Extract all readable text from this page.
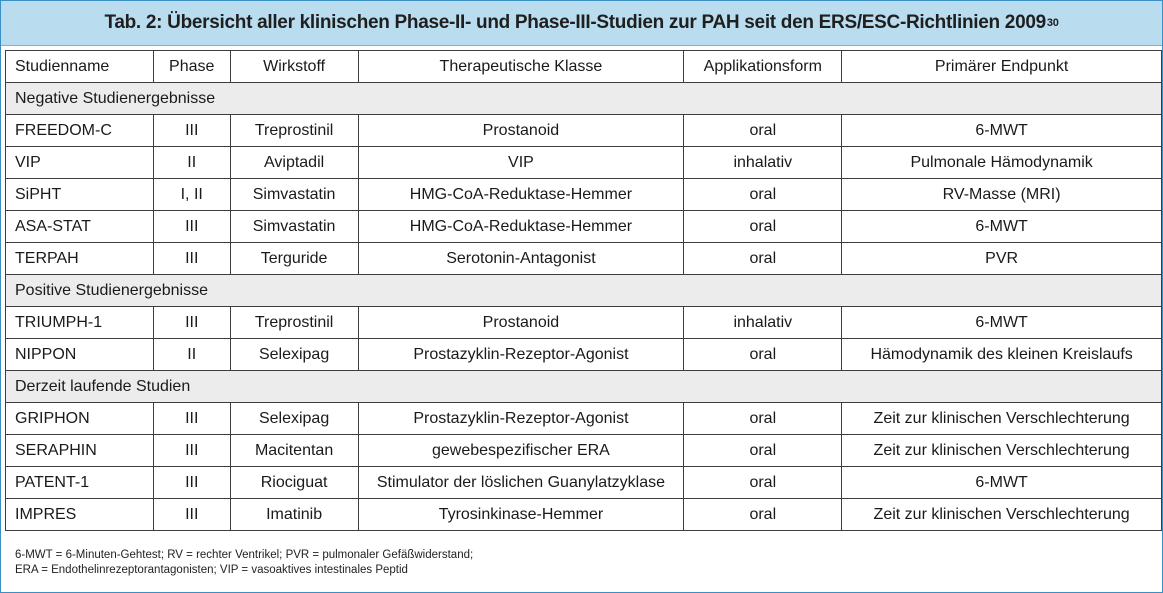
Tab. 2: Übersicht aller klinischen Phase-II- und Phase-III-Studien zur PAH seit den ERS/ESC-Richtlinien 2009 30
Studienname	Phase	Wirkstoff	Therapeutische Klasse	Applikationsform	Primärer Endpunkt
Negative Studienergebnisse					
FREEDOM-C	III	Treprostinil	Prostanoid	oral	6-MWT
VIP	II	Aviptadil	VIP	inhalativ	Pulmonale Hämodynamik
SiPHT	I, II	Simvastatin	HMG-CoA-Reduktase-Hemmer	oral	RV-Masse (MRI)
ASA-STAT	III	Simvastatin	HMG-CoA-Reduktase-Hemmer	oral	6-MWT
TERPAH	III	Terguride	Serotonin-Antagonist	oral	PVR
Positive Studienergebnisse					
TRIUMPH-1	III	Treprostinil	Prostanoid	inhalativ	6-MWT
NIPPON	II	Selexipag	Prostazyklin-Rezeptor-Agonist	oral	Hämodynamik des kleinen Kreislaufs
Derzeit laufende Studien					
GRIPHON	III	Selexipag	Prostazyklin-Rezeptor-Agonist	oral	Zeit zur klinischen Verschlechterung
SERAPHIN	III	Macitentan	gewebespezifischer ERA	oral	Zeit zur klinischen Verschlechterung
PATENT-1	III	Riociguat	Stimulator der löslichen Guanylatzyklase	oral	6-MWT
IMPRES	III	Imatinib	Tyrosinkinase-Hemmer	oral	Zeit zur klinischen Verschlechterung
6-MWT = 6-Minuten-Gehtest; RV = rechter Ventrikel; PVR = pulmonaler Gefäßwiderstand;
ERA = Endothelinrezeptorantagonisten; VIP = vasoaktives intestinales Peptid
